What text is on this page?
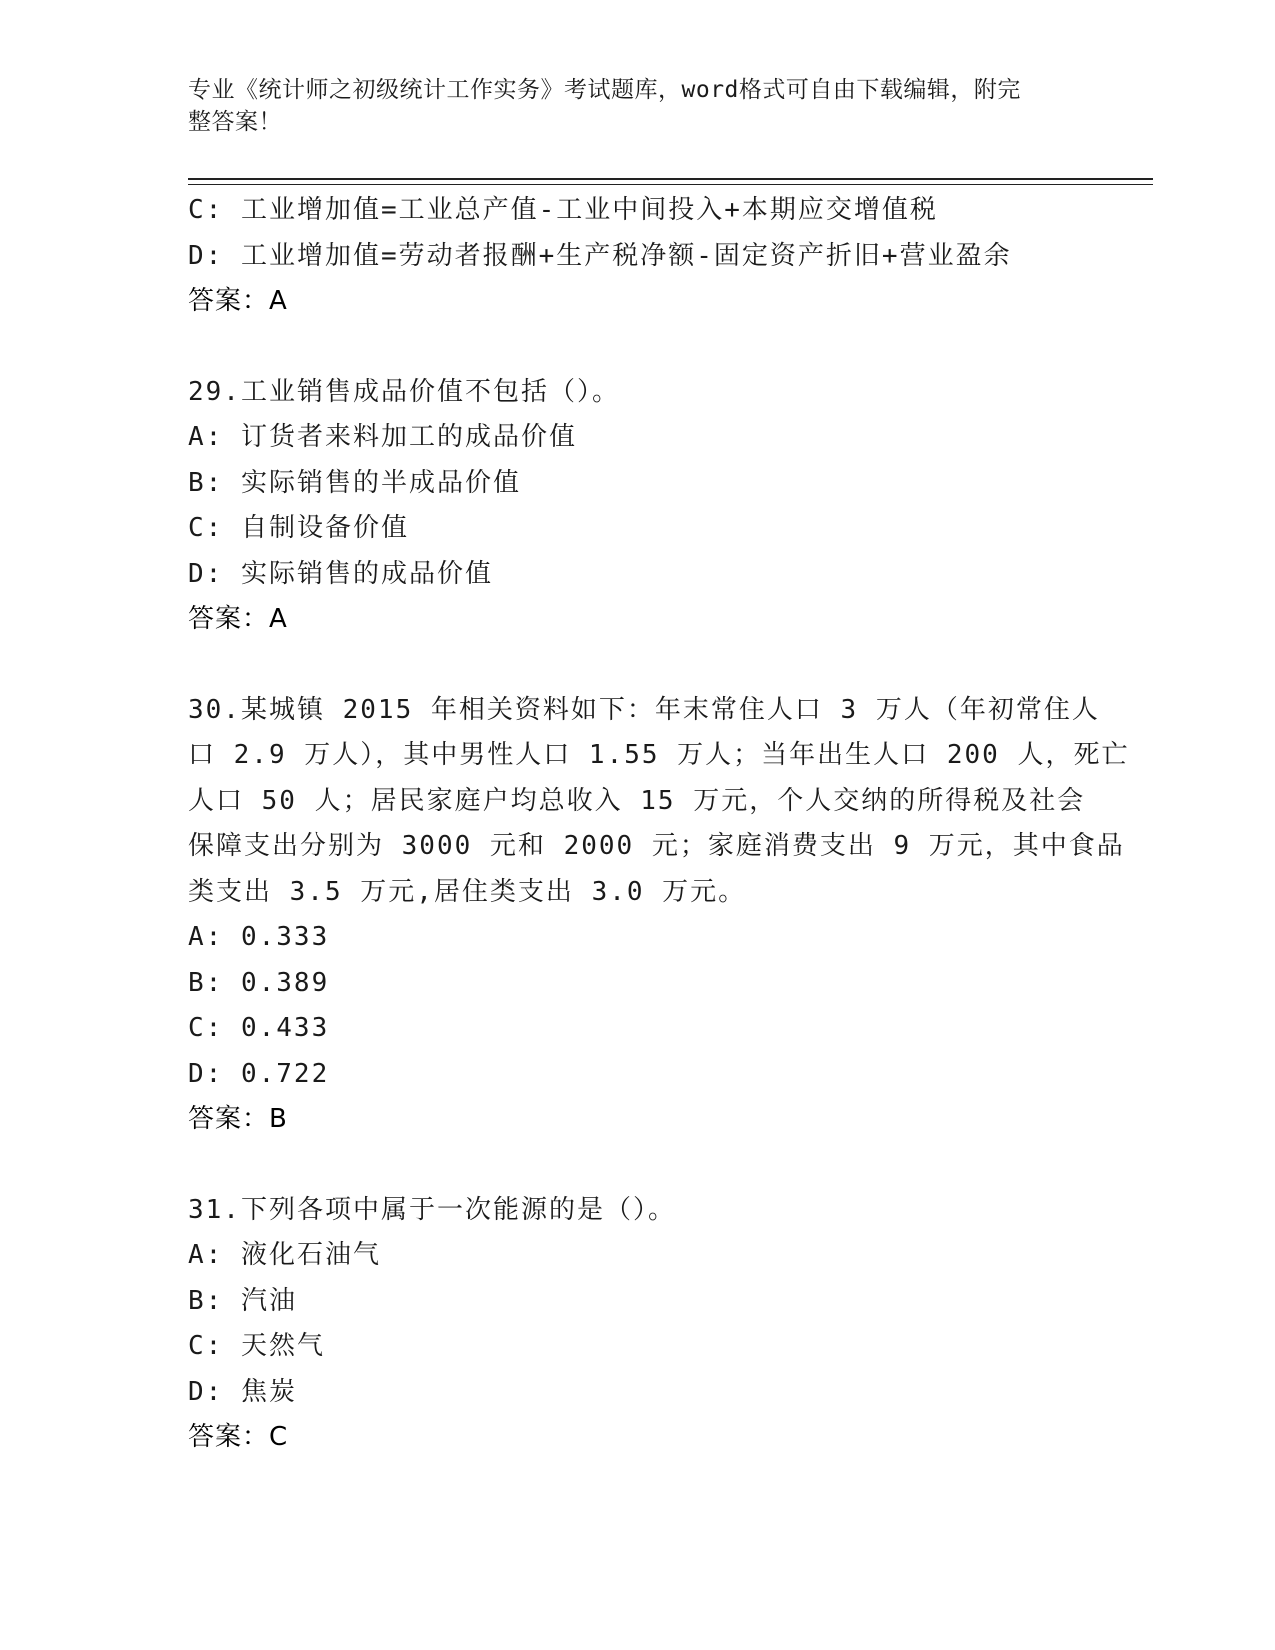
专业《统计师之初级统计工作实务》考试题库，word格式可自由下载编辑，附完
整答案！
C: 工业增加值=工业总产值-工业中间投入+本期应交增值税
D: 工业增加值=劳动者报酬+生产税净额-固定资产折旧+营业盈余
答案：A
29.工业销售成品价值不包括（）。
A: 订货者来料加工的成品价值
B: 实际销售的半成品价值
C: 自制设备价值
D: 实际销售的成品价值
答案：A
30.某城镇 2015 年相关资料如下：年末常住人口 3 万人（年初常住人
口 2.9 万人），其中男性人口 1.55 万人；当年出生人口 200 人，死亡
人口 50 人；居民家庭户均总收入 15 万元，个人交纳的所得税及社会
保障支出分别为 3000 元和 2000 元；家庭消费支出 9 万元，其中食品
类支出 3.5 万元,居住类支出 3.0 万元。
A: 0.333
B: 0.389
C: 0.433
D: 0.722
答案：B
31.下列各项中属于一次能源的是（）。
A: 液化石油气
B: 汽油
C: 天然气
D: 焦炭
答案：C
